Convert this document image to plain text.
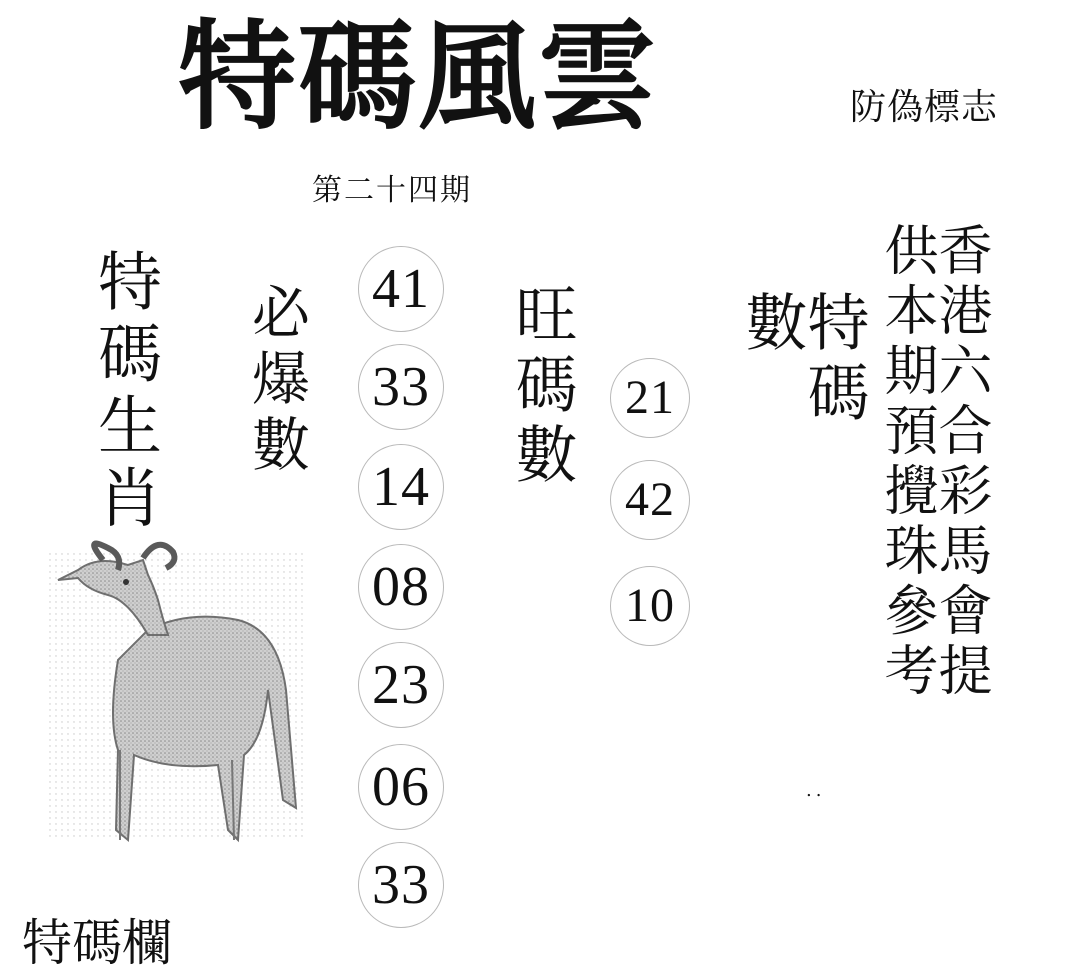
特碼風雲	防偽標志
第二十四期
特碼生肖 必爆數	旺碼數	特碼數	香港六合彩馬會提供本期預攪珠參考
41
33
14
08
23
06
33
21
42
10
..
特碼欄
